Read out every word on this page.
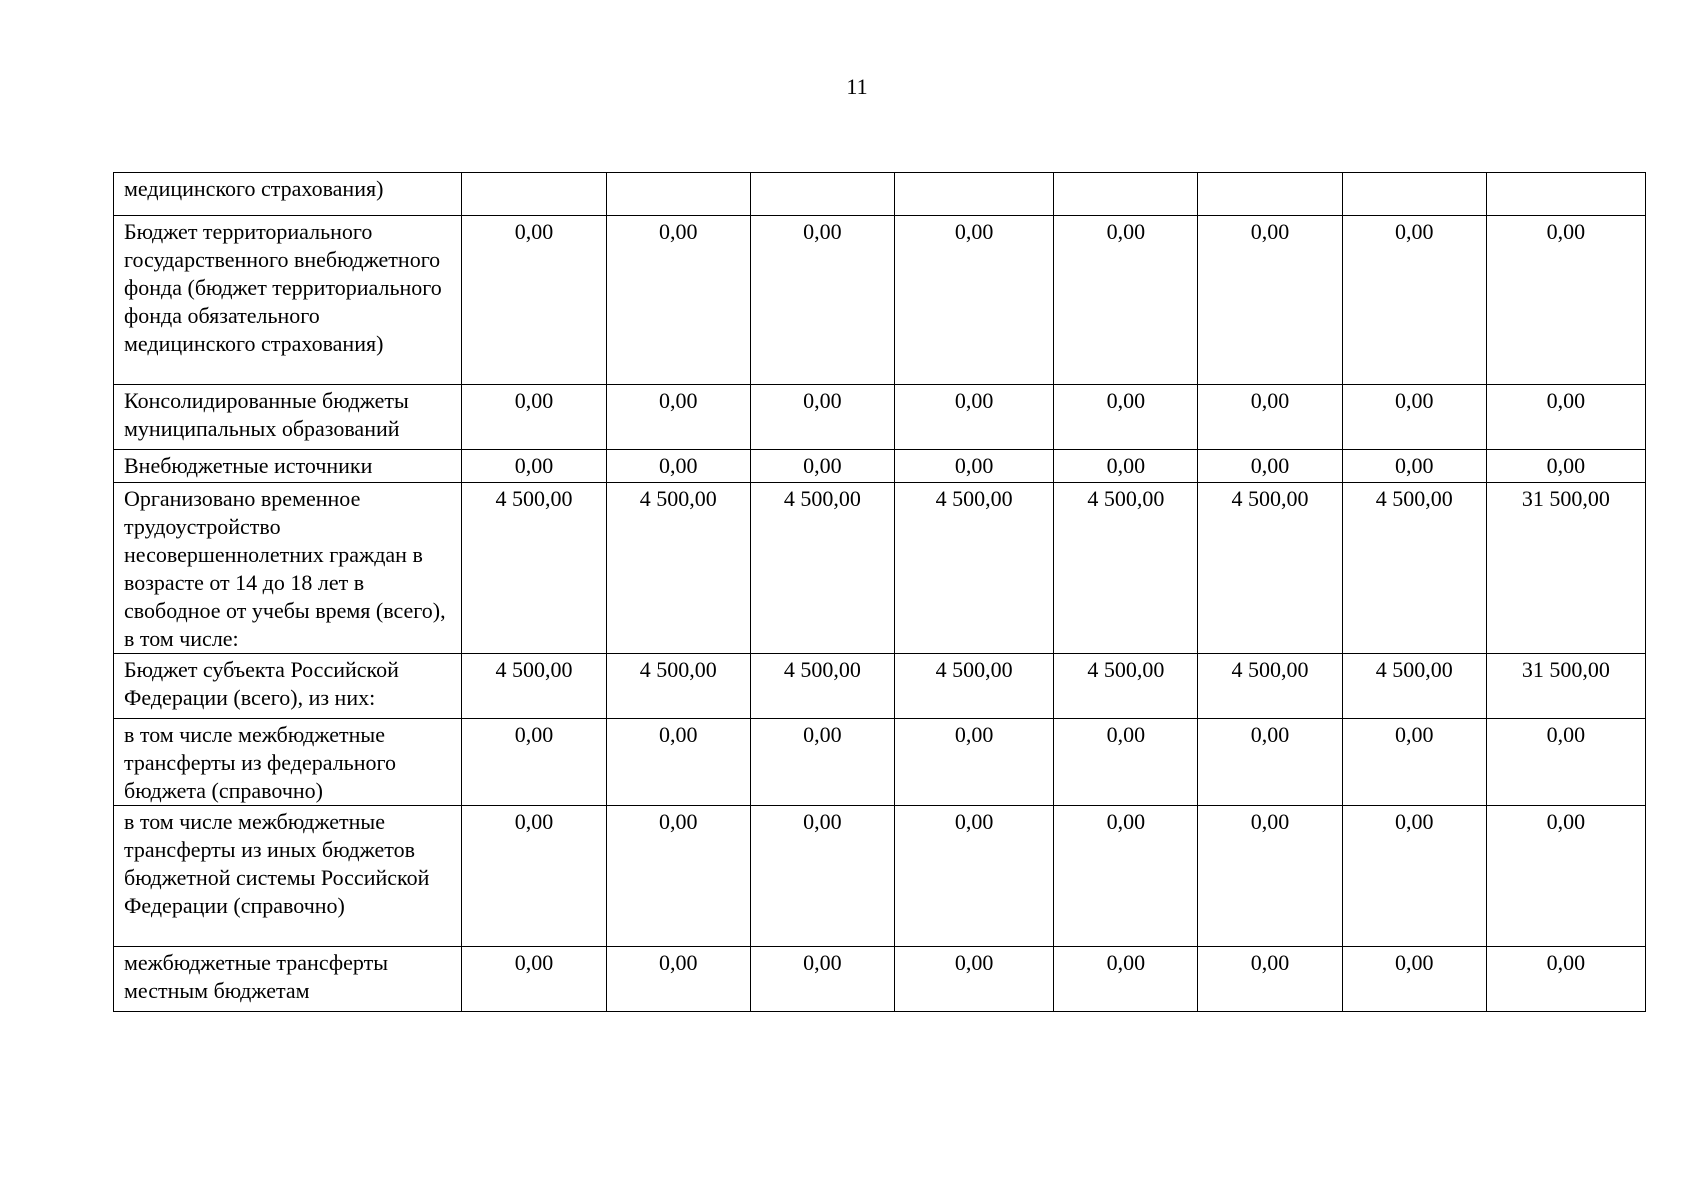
11
медицинского страхования)								
Бюджет территориального государственного внебюджетного фонда (бюджет территориального фонда обязательного медицинского страхования)	0,00	0,00	0,00	0,00	0,00	0,00	0,00	0,00
Консолидированные бюджеты муниципальных образований	0,00	0,00	0,00	0,00	0,00	0,00	0,00	0,00
Внебюджетные источники	0,00	0,00	0,00	0,00	0,00	0,00	0,00	0,00
Организовано временное трудоустройство несовершеннолетних граждан в возрасте от 14 до 18 лет в свободное от учебы время (всего), в том числе:	4 500,00	4 500,00	4 500,00	4 500,00	4 500,00	4 500,00	4 500,00	31 500,00
Бюджет субъекта Российской Федерации (всего), из них:	4 500,00	4 500,00	4 500,00	4 500,00	4 500,00	4 500,00	4 500,00	31 500,00
в том числе межбюджетные трансферты из федерального бюджета (справочно)	0,00	0,00	0,00	0,00	0,00	0,00	0,00	0,00
в том числе межбюджетные трансферты из иных бюджетов бюджетной системы Российской Федерации (справочно)	0,00	0,00	0,00	0,00	0,00	0,00	0,00	0,00
межбюджетные трансферты местным бюджетам	0,00	0,00	0,00	0,00	0,00	0,00	0,00	0,00
